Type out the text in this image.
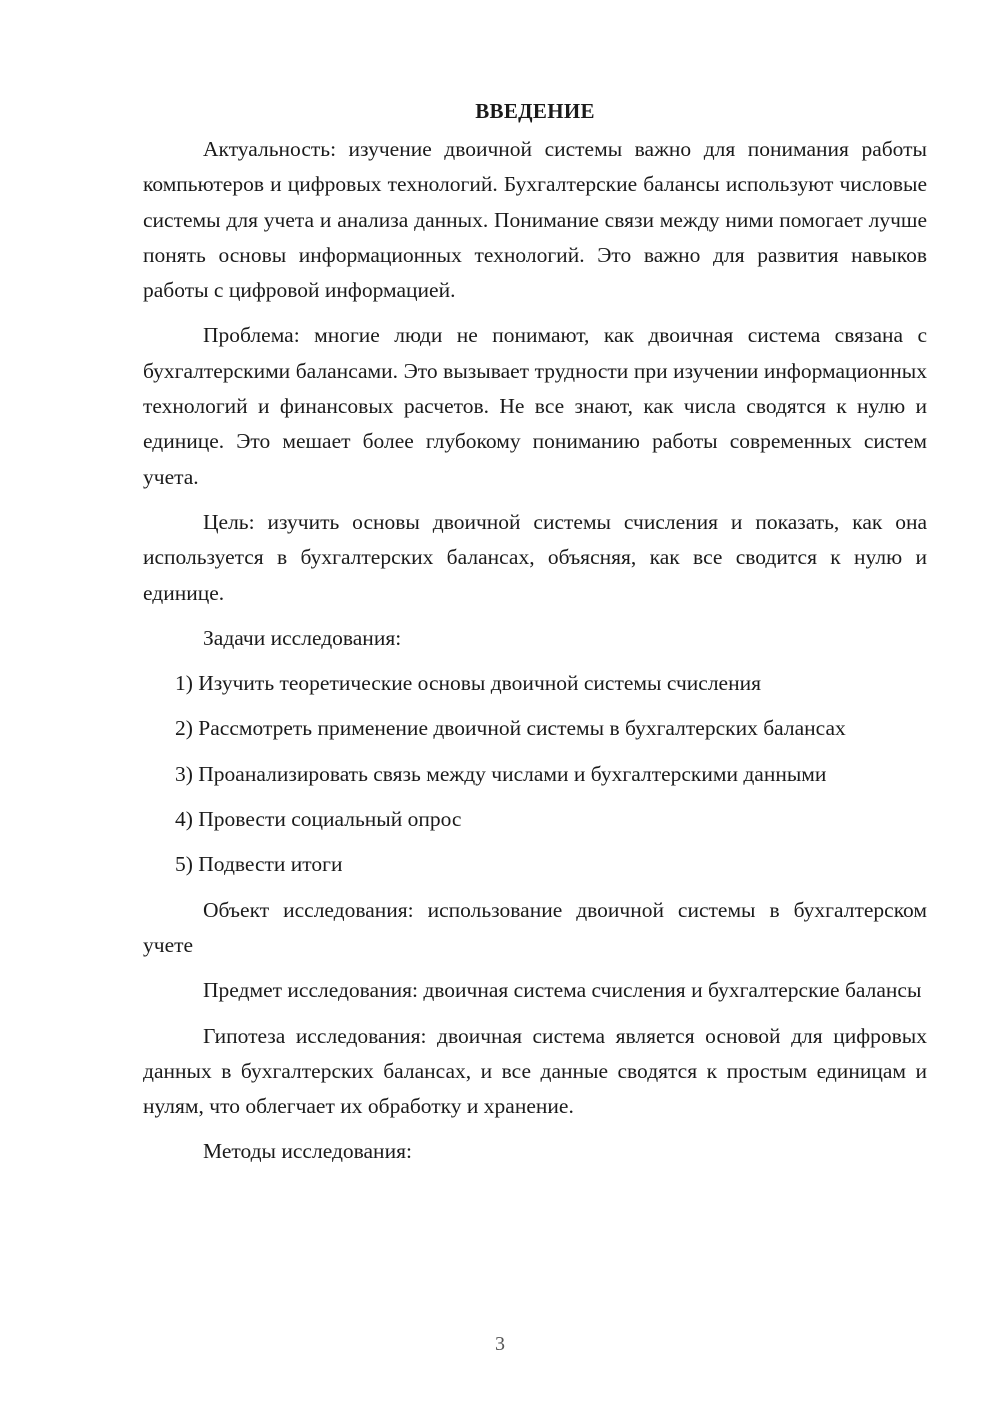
ВВЕДЕНИЕ

Актуальность: изучение двоичной системы важно для понимания работы компьютеров и цифровых технологий. Бухгалтерские балансы используют числовые системы для учета и анализа данных. Понимание связи между ними помогает лучше понять основы информационных технологий. Это важно для развития навыков работы с цифровой информацией.

Проблема: многие люди не понимают, как двоичная система связана с бухгалтерскими балансами. Это вызывает трудности при изучении информационных технологий и финансовых расчетов. Не все знают, как числа сводятся к нулю и единице. Это мешает более глубокому пониманию работы современных систем учета.

Цель: изучить основы двоичной системы счисления и показать, как она используется в бухгалтерских балансах, объясняя, как все сводится к нулю и единице.

Задачи исследования:

1) Изучить теоретические основы двоичной системы счисления

2) Рассмотреть применение двоичной системы в бухгалтерских балансах

3) Проанализировать связь между числами и бухгалтерскими данными

4) Провести социальный опрос

5) Подвести итоги

Объект исследования: использование двоичной системы в бухгалтерском учете

Предмет исследования: двоичная система счисления и бухгалтерские балансы

Гипотеза исследования: двоичная система является основой для цифровых данных в бухгалтерских балансах, и все данные сводятся к простым единицам и нулям, что облегчает их обработку и хранение.

Методы исследования:

3
